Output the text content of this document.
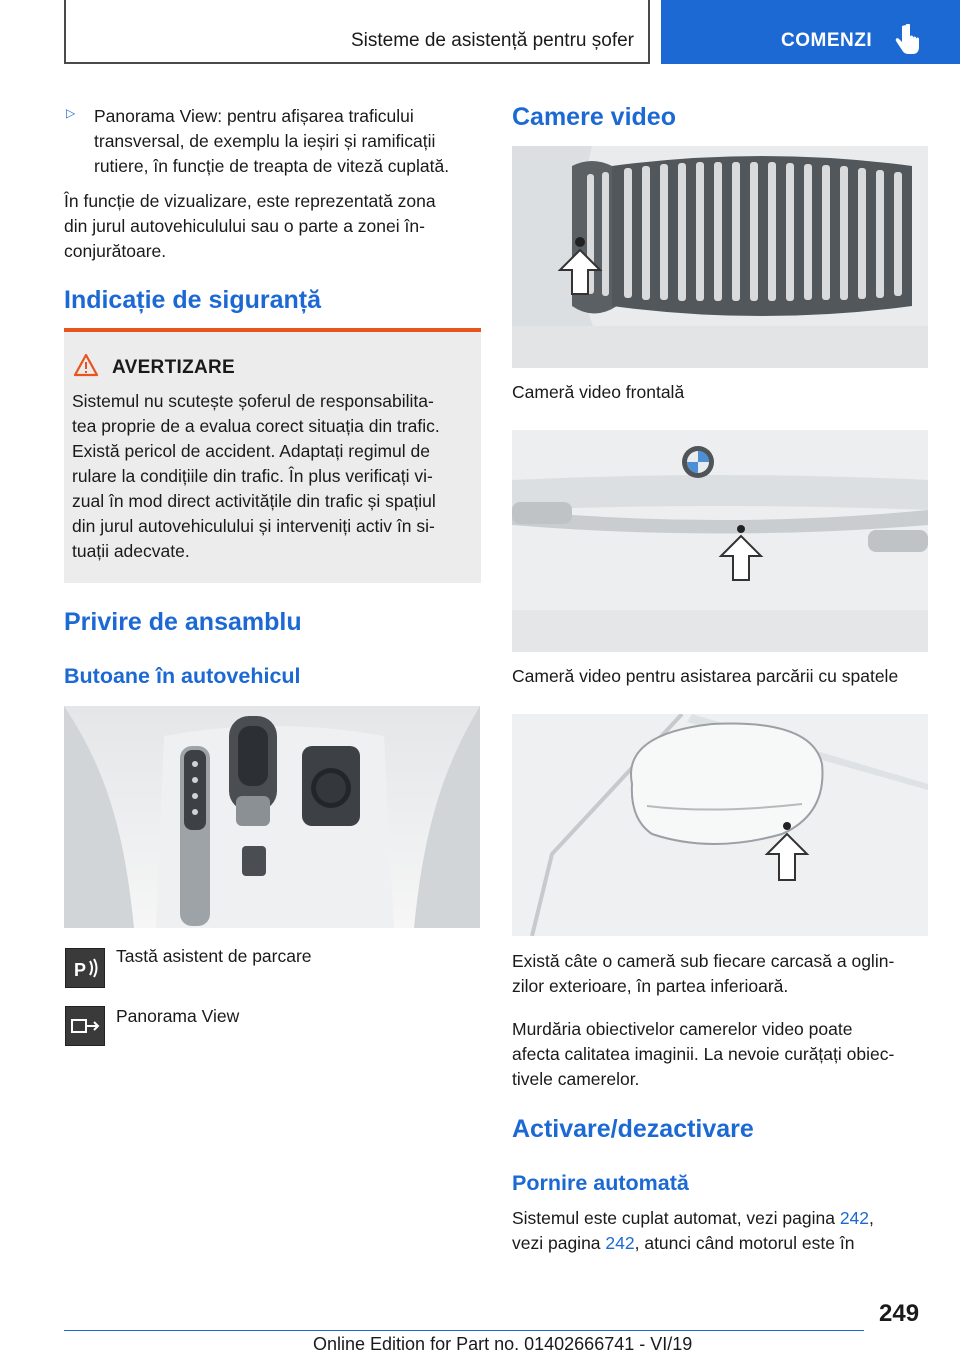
Sisteme de asistență pentru șofer	COMENZI
▷ Panorama View: pentru afișarea traficului transversal, de exemplu la ieșiri și ramificații rutiere, în funcție de treapta de viteză cuplată.
În funcție de vizualizare, este reprezentată zona
din jurul autovehiculului sau o parte a zonei în-
conjurătoare.
Indicație de siguranță
AVERTIZARE
Sistemul nu scutește șoferul de responsabilita-
tea proprie de a evalua corect situația din trafic.
Există pericol de accident. Adaptați regimul de
rulare la condițiile din trafic. În plus verificați vi-
zual în mod direct activitățile din trafic și spațiul
din jurul autovehiculului și interveniți activ în si-
tuații adecvate.
Privire de ansamblu
Butoane în autovehicul
P
Tastă asistent de parcare
Panorama View
Camere video
Cameră video frontală
Cameră video pentru asistarea parcării cu spatele
Există câte o cameră sub fiecare carcasă a oglin-
zilor exterioare, în partea inferioară.
Murdăria obiectivelor camerelor video poate
afecta calitatea imaginii. La nevoie curățați obiec-
tivele camerelor.
Activare/dezactivare
Pornire automată
Sistemul este cuplat automat, vezi pagina 242,
vezi pagina 242, atunci când motorul este în
249
Online Edition for Part no. 01402666741 - VI/19
